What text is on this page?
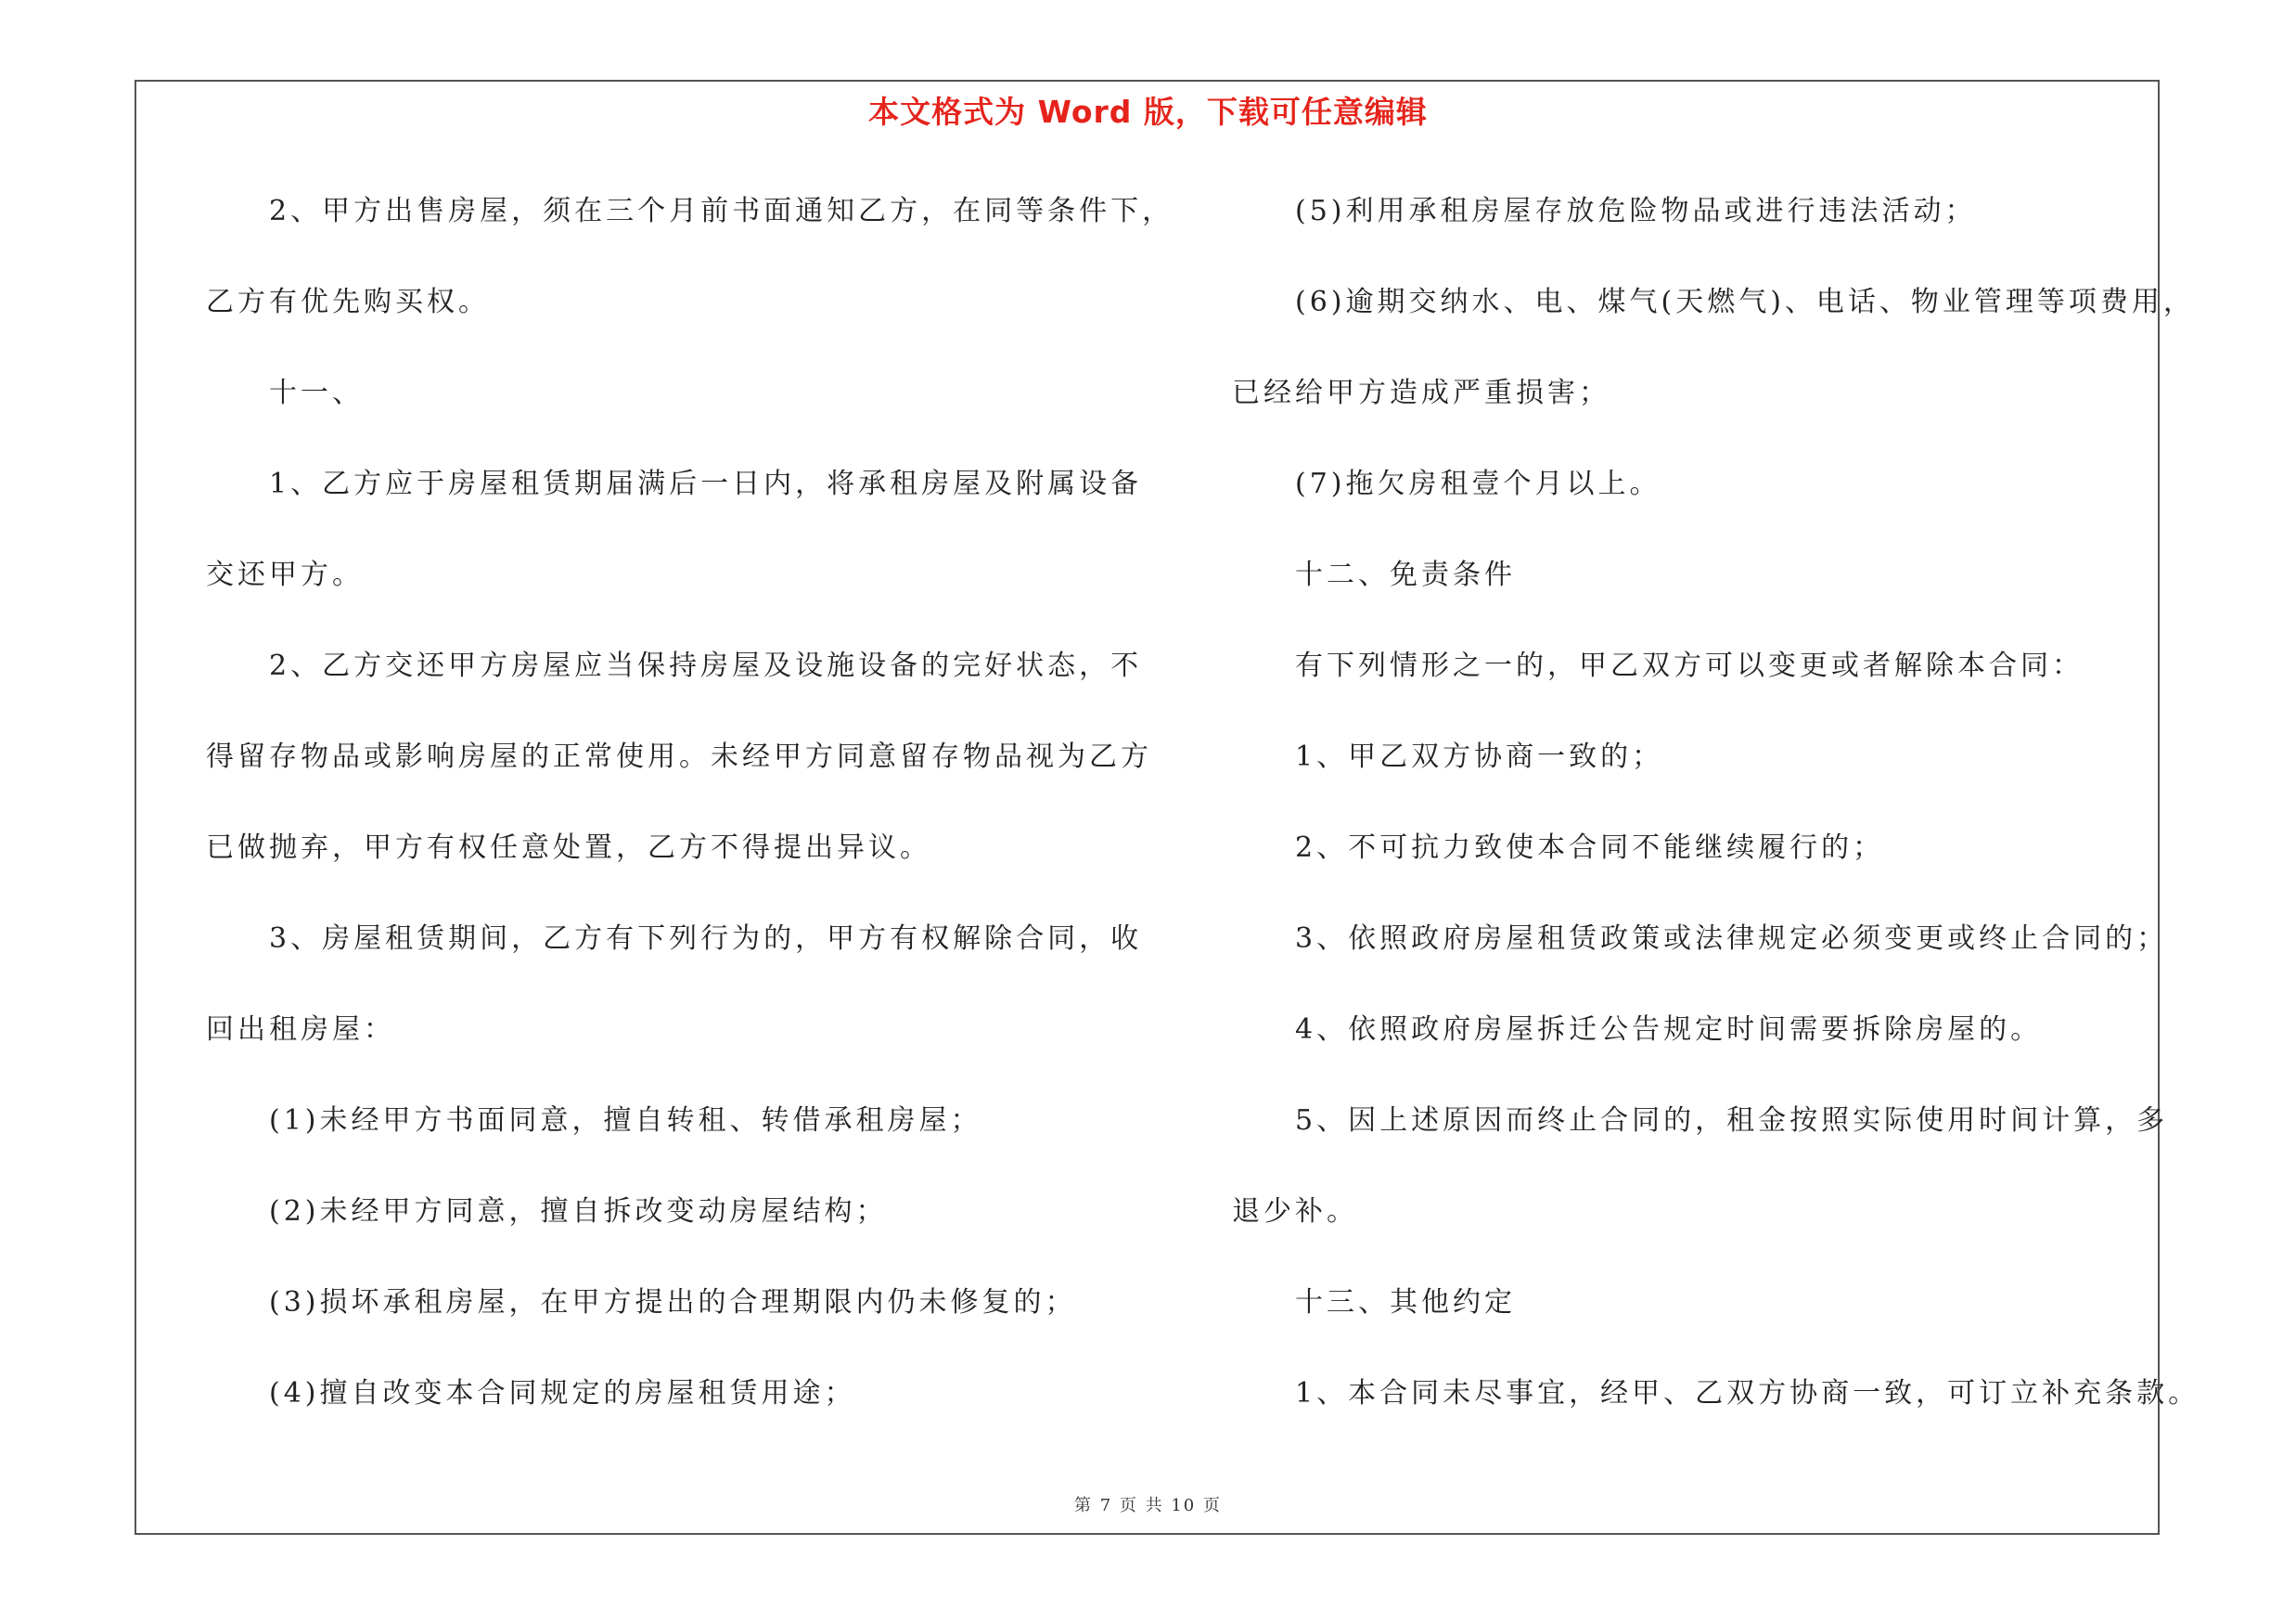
本文格式为 Word 版，下载可任意编辑
　　2、甲方出售房屋，须在三个月前书面通知乙方，在同等条件下，
乙方有优先购买权。
　　十一、
　　1、乙方应于房屋租赁期届满后一日内，将承租房屋及附属设备
交还甲方。
　　2、乙方交还甲方房屋应当保持房屋及设施设备的完好状态，不
得留存物品或影响房屋的正常使用。未经甲方同意留存物品视为乙方
已做抛弃，甲方有权任意处置，乙方不得提出异议。
　　3、房屋租赁期间，乙方有下列行为的，甲方有权解除合同，收
回出租房屋：
　　(1)未经甲方书面同意，擅自转租、转借承租房屋；
　　(2)未经甲方同意，擅自拆改变动房屋结构；
　　(3)损坏承租房屋，在甲方提出的合理期限内仍未修复的；
　　(4)擅自改变本合同规定的房屋租赁用途；
　　(5)利用承租房屋存放危险物品或进行违法活动；
　　(6)逾期交纳水、电、煤气(天燃气)、电话、物业管理等项费用，
已经给甲方造成严重损害；
　　(7)拖欠房租壹个月以上。
　　十二、免责条件
　　有下列情形之一的，甲乙双方可以变更或者解除本合同：
　　1、甲乙双方协商一致的；
　　2、不可抗力致使本合同不能继续履行的；
　　3、依照政府房屋租赁政策或法律规定必须变更或终止合同的；
　　4、依照政府房屋拆迁公告规定时间需要拆除房屋的。
　　5、因上述原因而终止合同的，租金按照实际使用时间计算，多
退少补。
　　十三、其他约定
　　1、本合同未尽事宜，经甲、乙双方协商一致，可订立补充条款。
第 7 页 共 10 页
